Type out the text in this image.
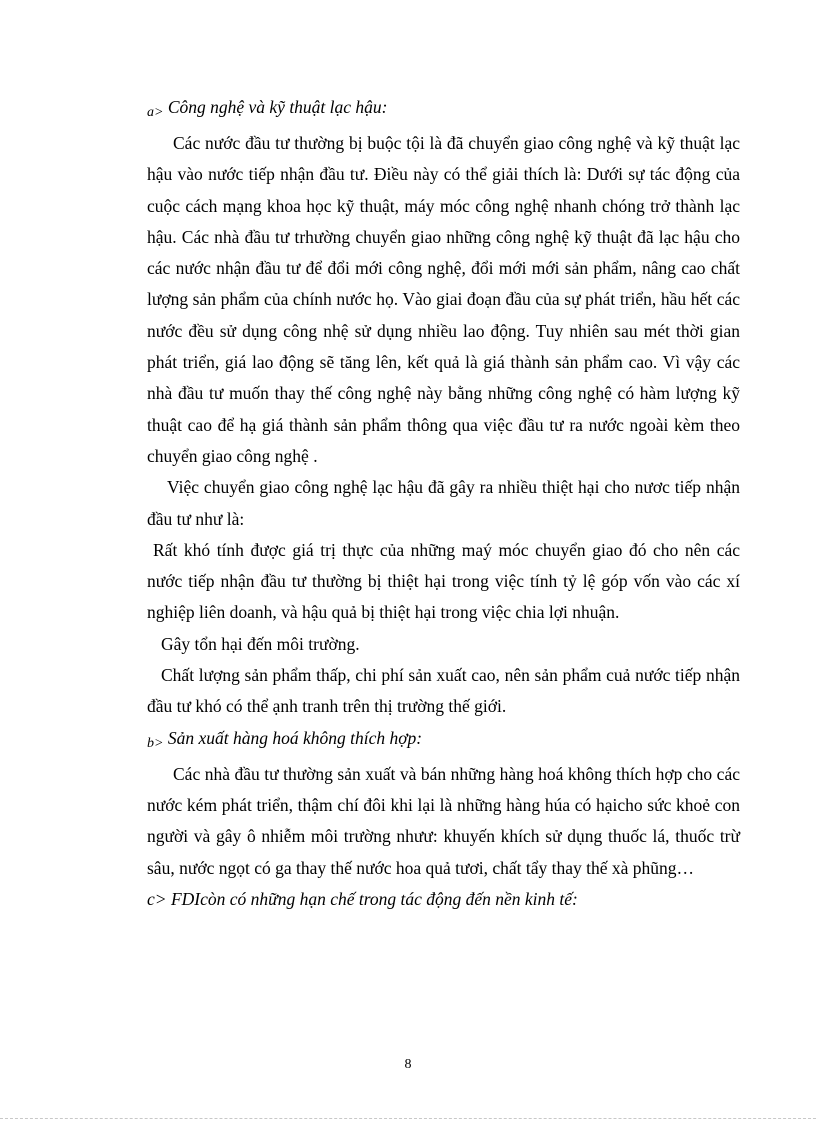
a> Công nghệ và kỹ thuật lạc hậu:

Các nước đầu tư thường bị buộc tội là đã chuyển giao công nghệ và kỹ thuật lạc hậu vào nước tiếp nhận đầu tư. Điều này có thể giải thích là: Dưới sự tác động của cuộc cách mạng khoa học kỹ thuật, máy móc công nghệ nhanh chóng trở thành lạc hậu. Các nhà đầu tư trhường chuyển giao những công nghệ kỹ thuật đã lạc hậu cho các nước nhận đầu tư để đổi mới công nghệ, đổi mới mới sản phẩm, nâng cao chất lượng sản phẩm của chính nước họ. Vào giai đoạn đầu của sự phát triển, hầu hết các nước đều sử dụng công nhệ sử dụng nhiều lao động. Tuy nhiên sau mét thời gian phát triển, giá lao động sẽ tăng lên, kết quả là giá thành sản phẩm cao. Vì vậy các nhà đầu tư muốn thay thế công nghệ này bằng những công nghệ có hàm lượng kỹ thuật cao để hạ giá thành sản phẩm thông qua việc đầu tư ra nước ngoài kèm theo chuyển giao công nghệ .

Việc chuyển giao công nghệ lạc hậu đã gây ra nhiều thiệt hại cho nươc tiếp nhận đầu tư như là:

Rất khó tính được giá trị thực của những maý móc chuyển giao đó cho nên các nước tiếp nhận đầu tư thường bị thiệt hại trong việc tính tỷ lệ góp vốn vào các xí nghiệp liên doanh, và hậu quả bị thiệt hại trong việc chia lợi nhuận.

Gây tổn hại đến môi trường.

Chất lượng sản phẩm thấp, chi phí sản xuất cao, nên sản phẩm cuả nước tiếp nhận đầu tư khó có thể ạnh tranh trên thị trường thế giới.

b> Sản xuất hàng hoá không thích hợp:

Các nhà đầu tư thường sản xuất và bán những hàng hoá không thích hợp cho các nước kém phát triển, thậm chí đôi khi lại là những hàng húa có hạicho sức khoẻ con người và gây ô nhiễm môi trường nhưư: khuyến khích sử dụng thuốc lá, thuốc trừ sâu, nước ngọt có ga thay thế nước hoa quả tươi, chất tẩy thay thế xà phũng…

c> FDIcòn có những hạn chế trong tác động đến nền kinh tế:

8
